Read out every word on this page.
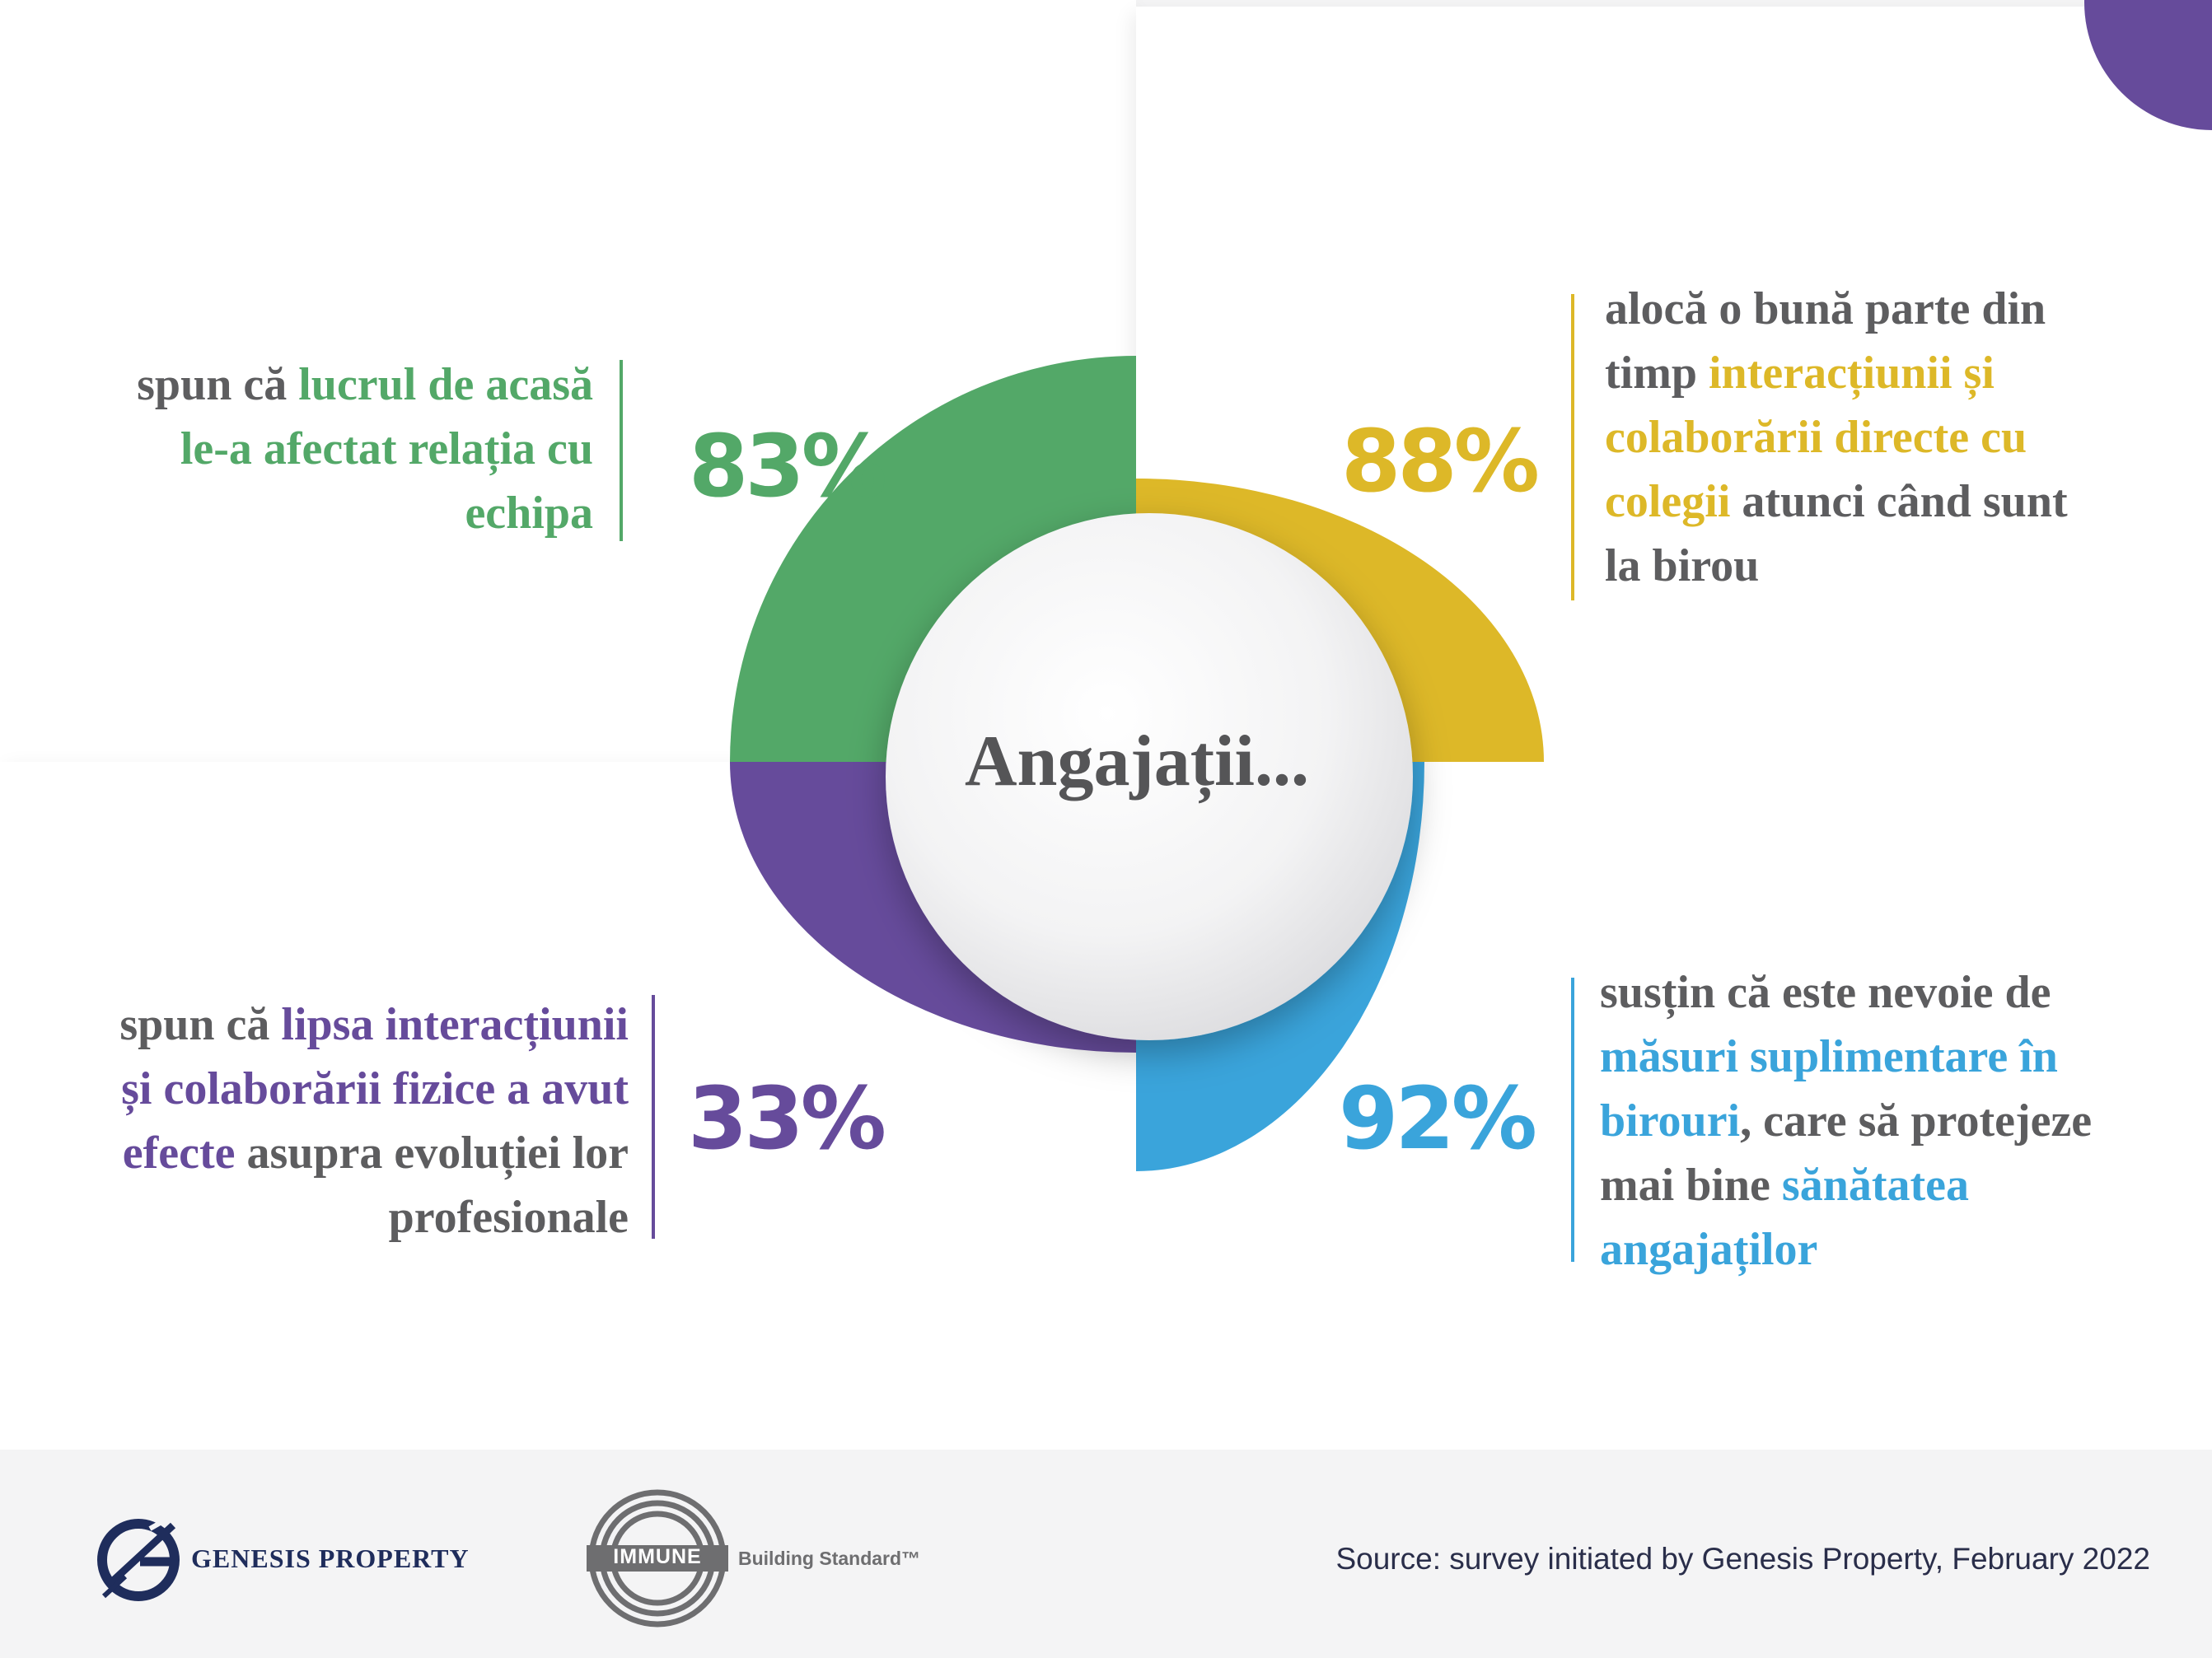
Angajații...
spun că lucrul de acasă
le-a afectat relația cu
echipa 83%	88%
alocă o bună parte din
timp interacțiunii și
colaborării directe cu
colegii atunci când sunt
la birou
spun că lipsa interacțiunii
și colaborării fizice a avut
efecte asupra evoluției lor
profesionale
33%	92%
susțin că este nevoie de
măsuri suplimentare în
birouri, care să protejeze
mai bine sănătatea
angajaților
GENESIS PROPERTY	IMMUNE	Building Standard™	Source: survey initiated by Genesis Property, February 2022
